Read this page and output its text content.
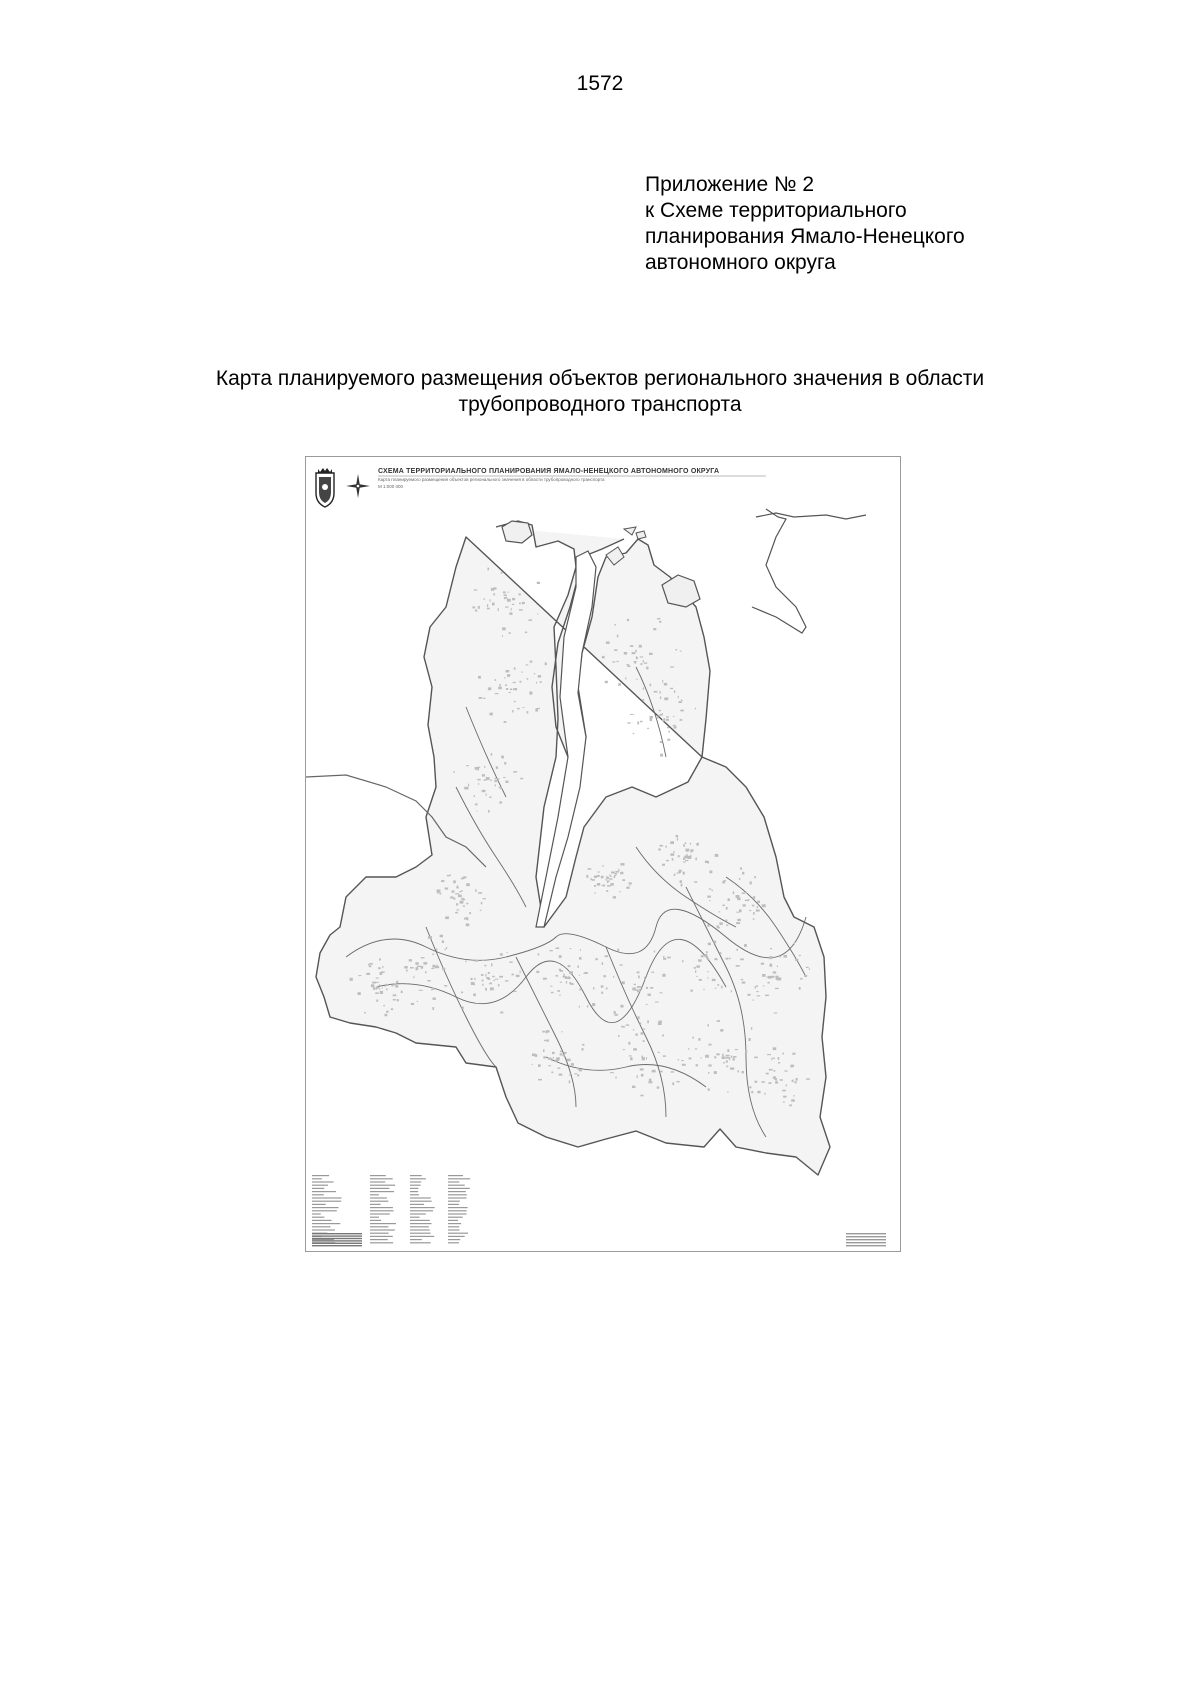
1572
Приложение № 2
к Схеме территориального
планирования Ямало-Ненецкого
автономного округа
Карта планируемого размещения объектов регионального значения в области
трубопроводного транспорта
СХЕМА ТЕРРИТОРИАЛЬНОГО ПЛАНИРОВАНИЯ ЯМАЛО-НЕНЕЦКОГО АВТОНОМНОГО ОКРУГА
Карта планируемого размещения объектов регионального значения в области трубопроводного транспорта
М 1:000 000
